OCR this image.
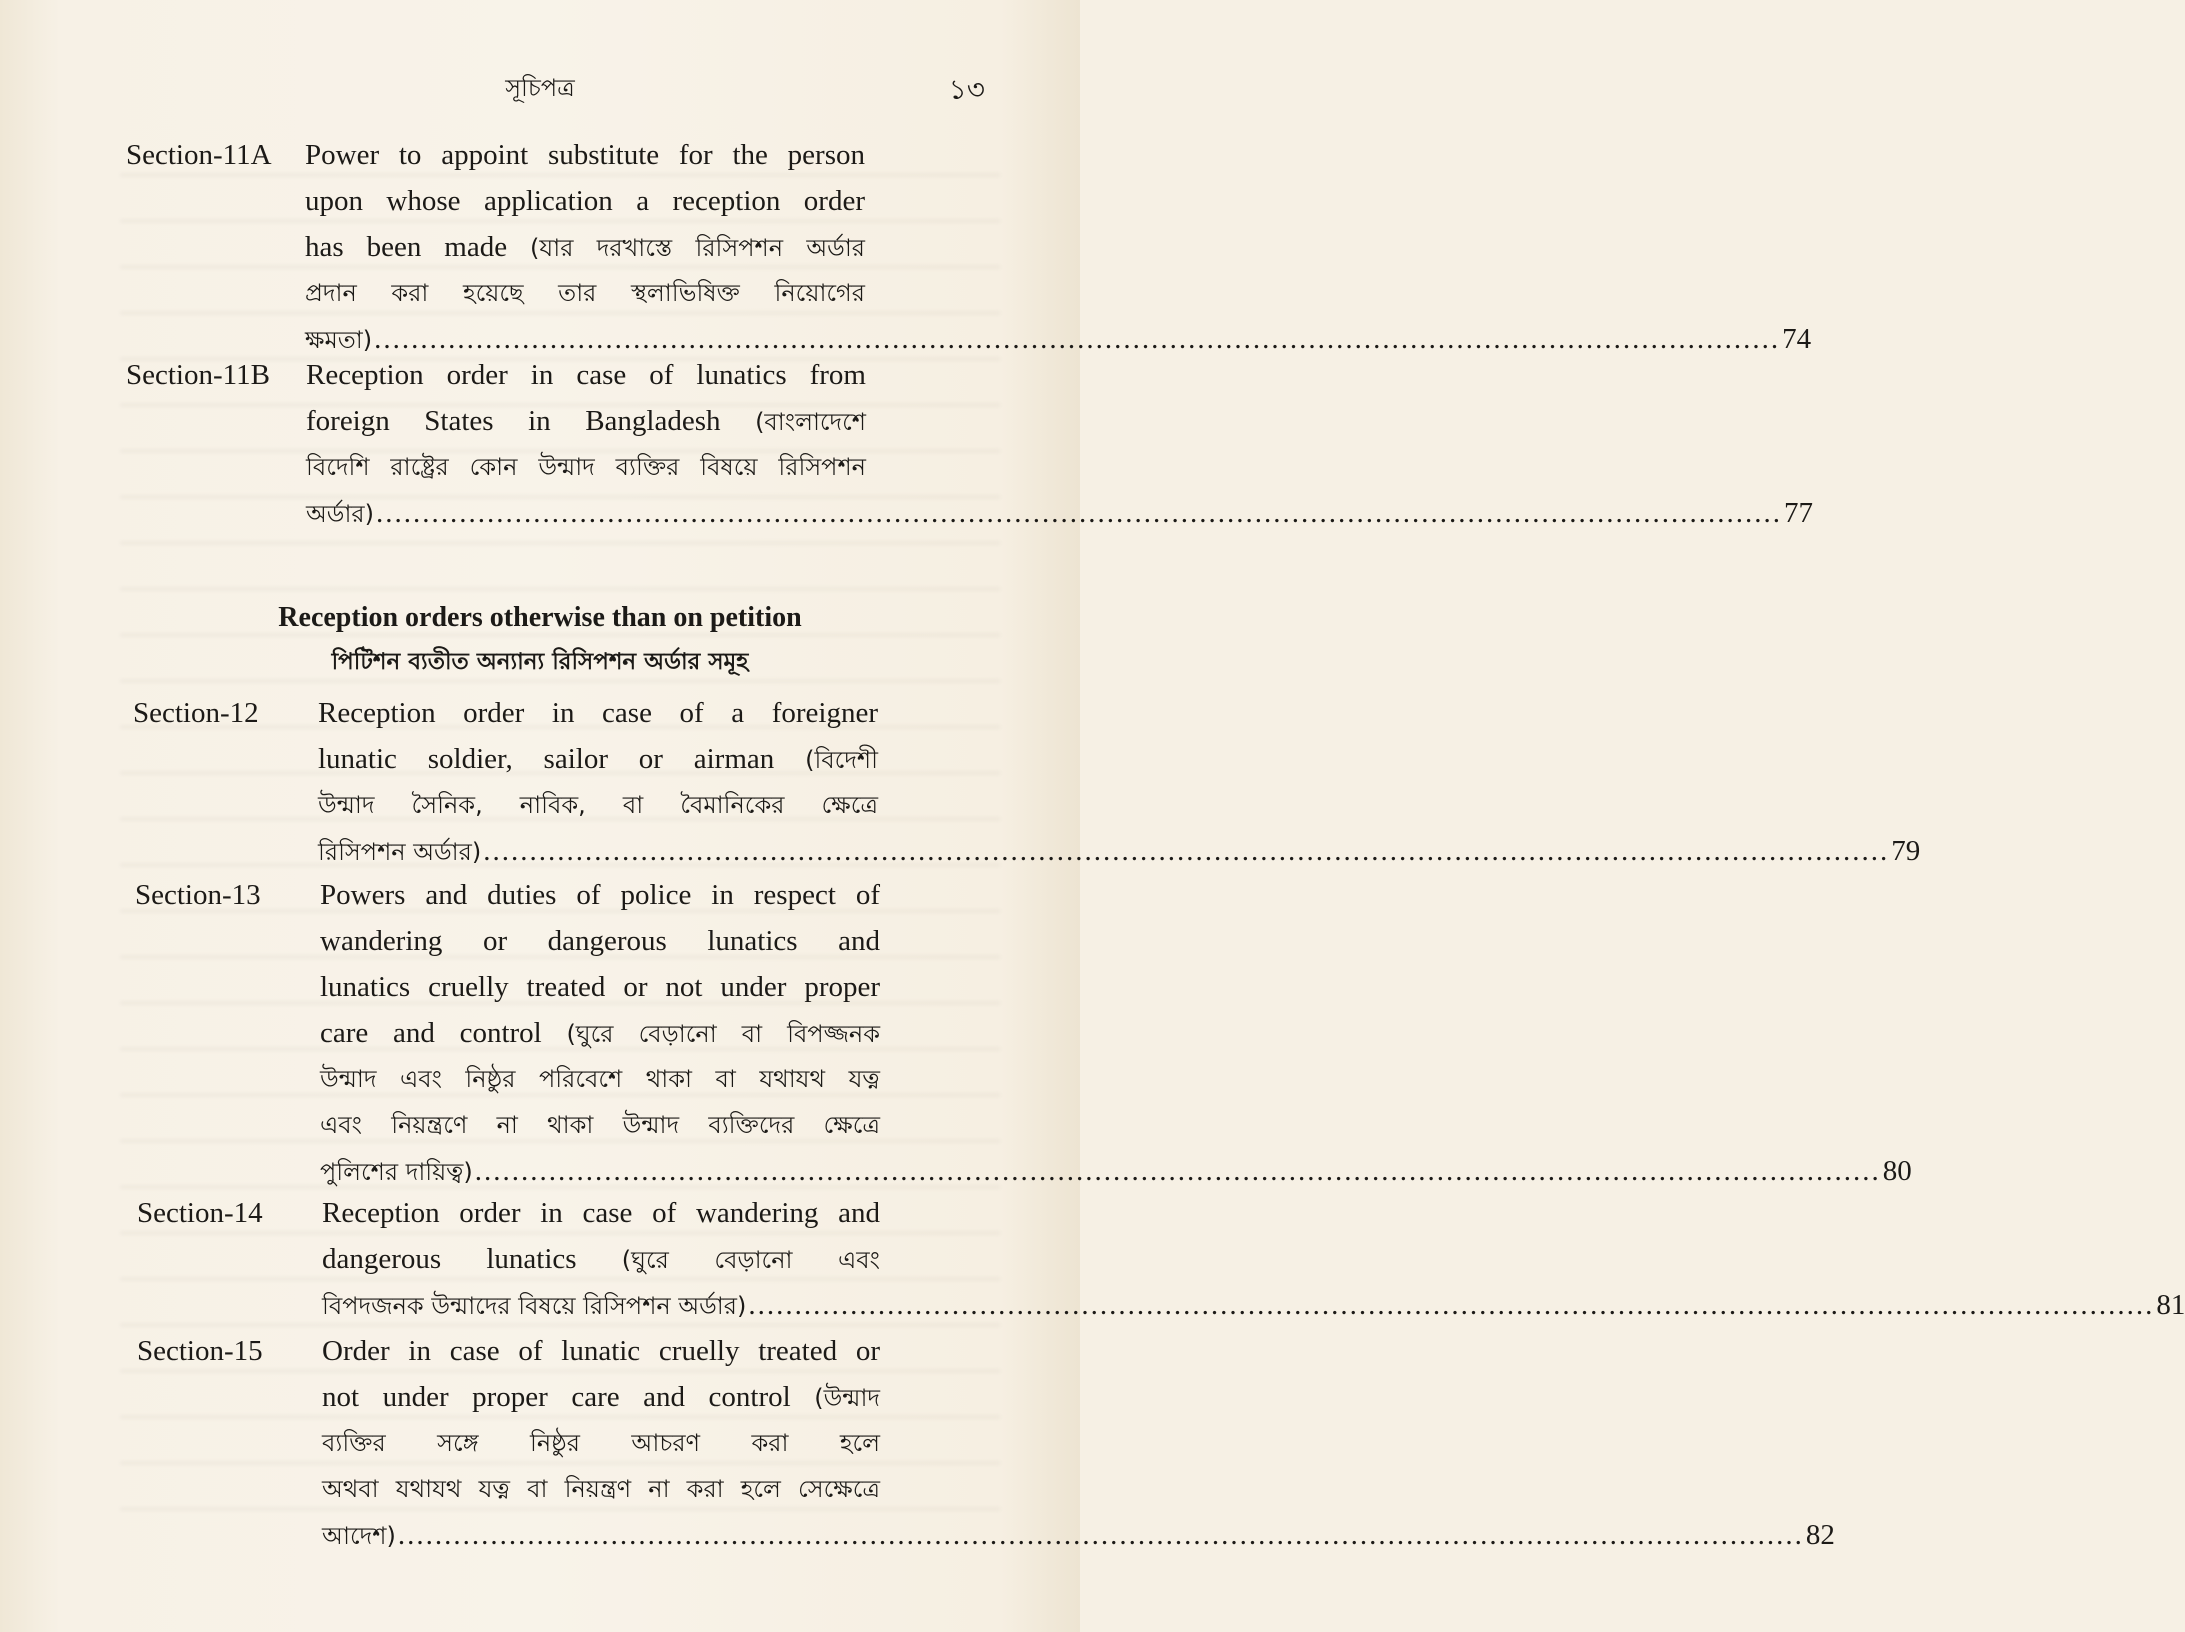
সূচিপত্র	১৩
Section-11A Power to appoint substitute for the person
upon whose application a reception order
has been made (যার দরখাস্তে রিসিপশন অর্ডার
প্রদান করা হয়েছে তার স্থলাভিষিক্ত নিয়োগের
ক্ষমতা) ........................................................................................................................................................ 74
Section-11B Reception order in case of lunatics from
foreign States in Bangladesh (বাংলাদেশে
বিদেশি রাষ্ট্রের কোন উন্মাদ ব্যক্তির বিষয়ে রিসিপশন
অর্ডার) ........................................................................................................................................................ 77
Reception orders otherwise than on petition
পিটিশন ব্যতীত অন্যান্য রিসিপশন অর্ডার সমূহ
Section-12 Reception order in case of a foreigner
lunatic soldier, sailor or airman (বিদেশী
উন্মাদ সৈনিক, নাবিক, বা বৈমানিকের ক্ষেত্রে
রিসিপশন অর্ডার) ........................................................................................................................................................ 79
Section-13 Powers and duties of police in respect of
wandering or dangerous lunatics and
lunatics cruelly treated or not under proper
care and control (ঘুরে বেড়ানো বা বিপজ্জনক
উন্মাদ এবং নিষ্ঠুর পরিবেশে থাকা বা যথাযথ যত্ন
এবং নিয়ন্ত্রণে না থাকা উন্মাদ ব্যক্তিদের ক্ষেত্রে
পুলিশের দায়িত্ব) ........................................................................................................................................................ 80
Section-14 Reception order in case of wandering and
dangerous lunatics (ঘুরে বেড়ানো এবং
বিপদজনক উন্মাদের বিষয়ে রিসিপশন অর্ডার) ........................................................................................................................................................ 81
Section-15 Order in case of lunatic cruelly treated or
not under proper care and control (উন্মাদ
ব্যক্তির সঙ্গে নিষ্ঠুর আচরণ করা হলে
অথবা যথাযথ যত্ন বা নিয়ন্ত্রণ না করা হলে সেক্ষেত্রে
আদেশ) ........................................................................................................................................................ 82
